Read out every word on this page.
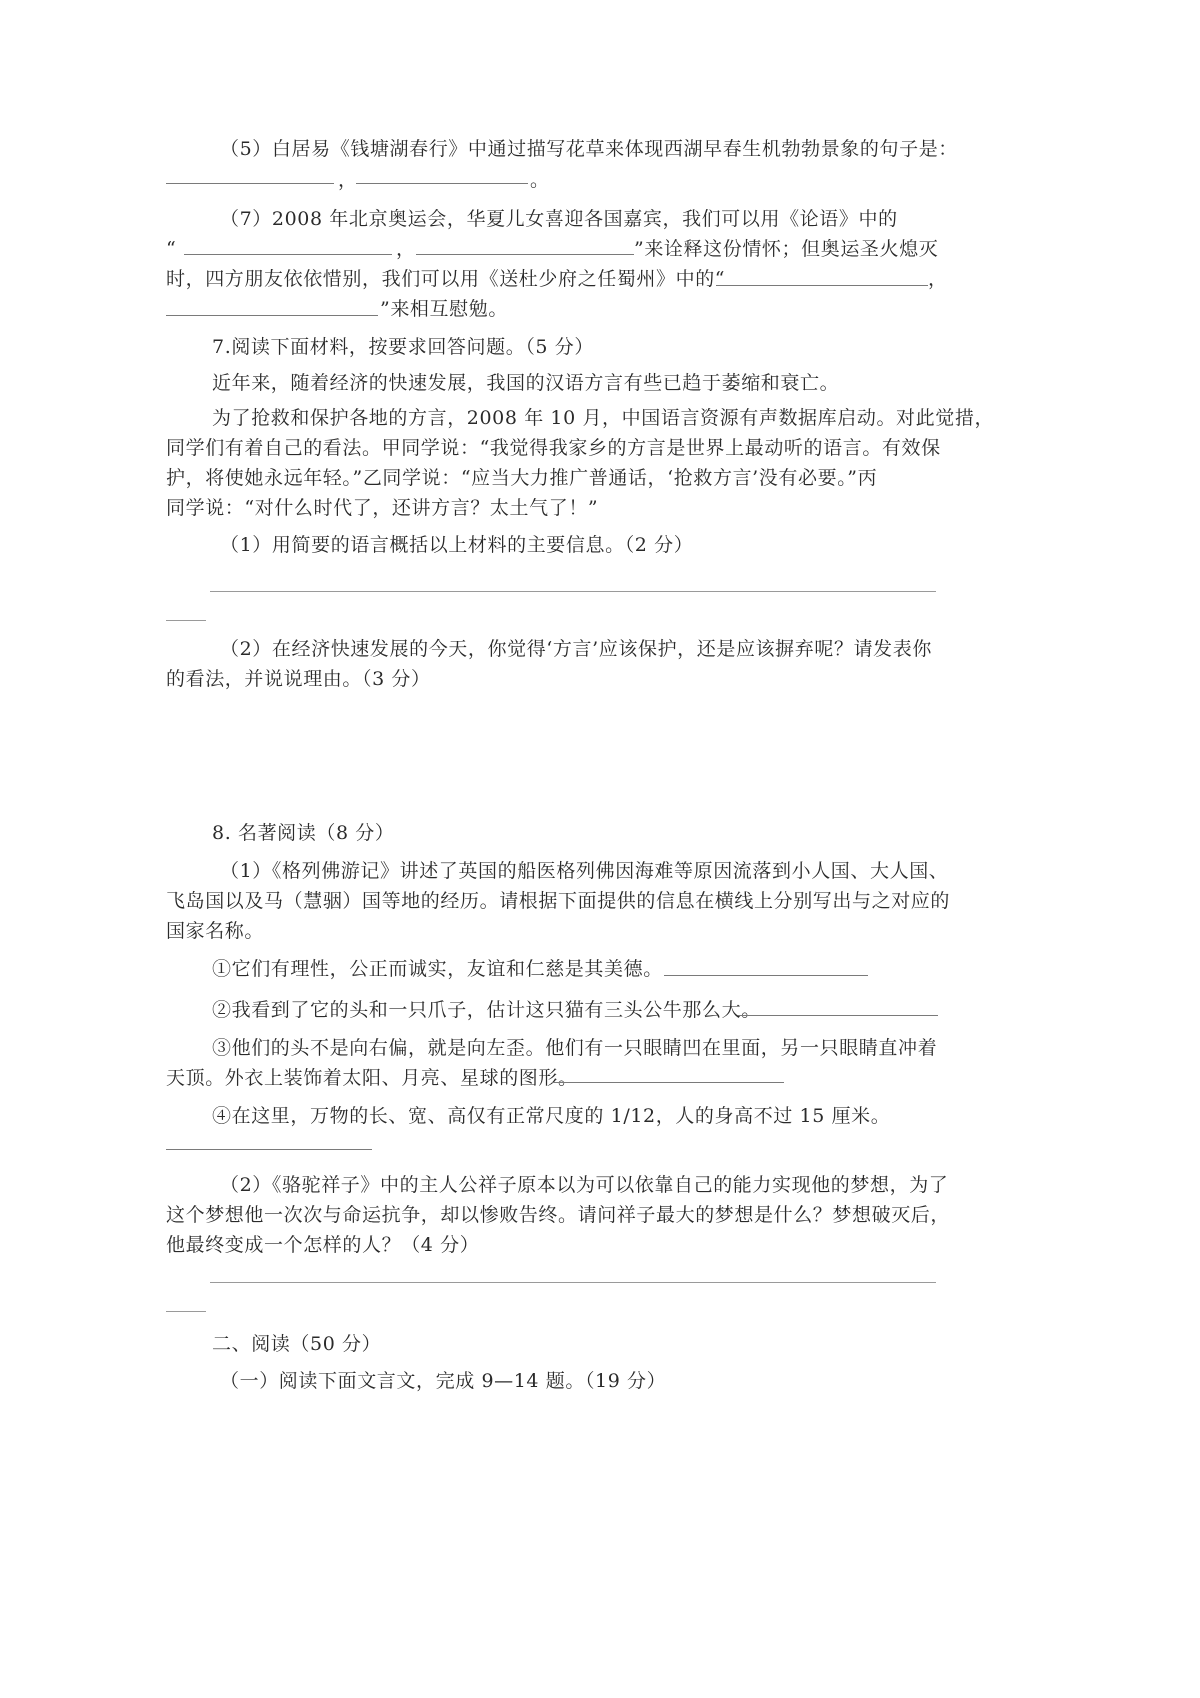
（5）白居易《钱塘湖春行》中通过描写花草来体现西湖早春生机勃勃景象的句子是：
，	。
（7）2008 年北京奥运会，华夏儿女喜迎各国嘉宾，我们可以用《论语》中的
“	，	”来诠释这份情怀；但奥运圣火熄灭
时，四方朋友依依惜别，我们可以用《送杜少府之任蜀州》中的“	，
”来相互慰勉。
7.阅读下面材料，按要求回答问题。（5 分）
近年来，随着经济的快速发展，我国的汉语方言有些已趋于萎缩和衰亡。
为了抢救和保护各地的方言，2008 年 10 月，中国语言资源有声数据库启动。对此觉措，
同学们有着自己的看法。甲同学说：“我觉得我家乡的方言是世界上最动听的语言。有效保
护，将使她永远年轻。”乙同学说：“应当大力推广普通话，‘抢救方言’没有必要。”丙
同学说：“对什么时代了，还讲方言？太土气了！”
（1）用简要的语言概括以上材料的主要信息。（2 分）
（2）在经济快速发展的今天，你觉得‘方言’应该保护，还是应该摒弃呢？请发表你
的看法，并说说理由。（3 分）
8. 名著阅读（8 分）
（1）《格列佛游记》讲述了英国的船医格列佛因海难等原因流落到小人国、大人国、
飞岛国以及马（慧骃）国等地的经历。请根据下面提供的信息在横线上分别写出与之对应的
国家名称。
①它们有理性，公正而诚实，友谊和仁慈是其美德。
②我看到了它的头和一只爪子，估计这只猫有三头公牛那么大。
③他们的头不是向右偏，就是向左歪。他们有一只眼睛凹在里面，另一只眼睛直冲着
天顶。外衣上装饰着太阳、月亮、星球的图形。
④在这里，万物的长、宽、高仅有正常尺度的 1/12，人的身高不过 15 厘米。
（2）《骆驼祥子》中的主人公祥子原本以为可以依靠自己的能力实现他的梦想，为了
这个梦想他一次次与命运抗争，却以惨败告终。请问祥子最大的梦想是什么？梦想破灭后，
他最终变成一个怎样的人？（4 分）
二、阅读（50 分）
（一）阅读下面文言文，完成 9—14 题。（19 分）
